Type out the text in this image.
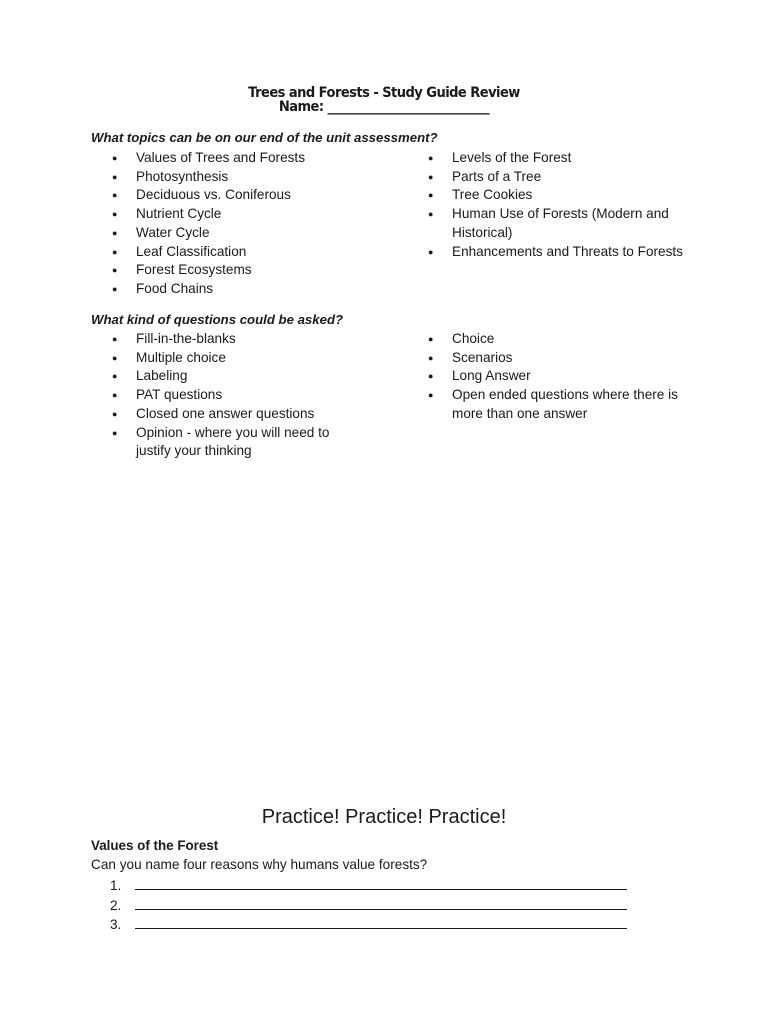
Trees and Forests - Study Guide Review
Name: ___________________________
What topics can be on our end of the unit assessment?
● Values of Trees and Forests
● Photosynthesis
● Deciduous vs. Coniferous
● Nutrient Cycle
● Water Cycle
● Leaf Classification
● Forest Ecosystems
● Food Chains
● Levels of the Forest
● Parts of a Tree
● Tree Cookies
● Human Use of Forests (Modern and Historical)
● Enhancements and Threats to Forests
What kind of questions could be asked?
● Fill-in-the-blanks
● Multiple choice
● Labeling
● PAT questions
● Closed one answer questions
● Opinion - where you will need to justify your thinking
● Choice
● Scenarios
● Long Answer
● Open ended questions where there is more than one answer
Practice! Practice! Practice!
Values of the Forest
Can you name four reasons why humans value forests?
1.
2.
3.
